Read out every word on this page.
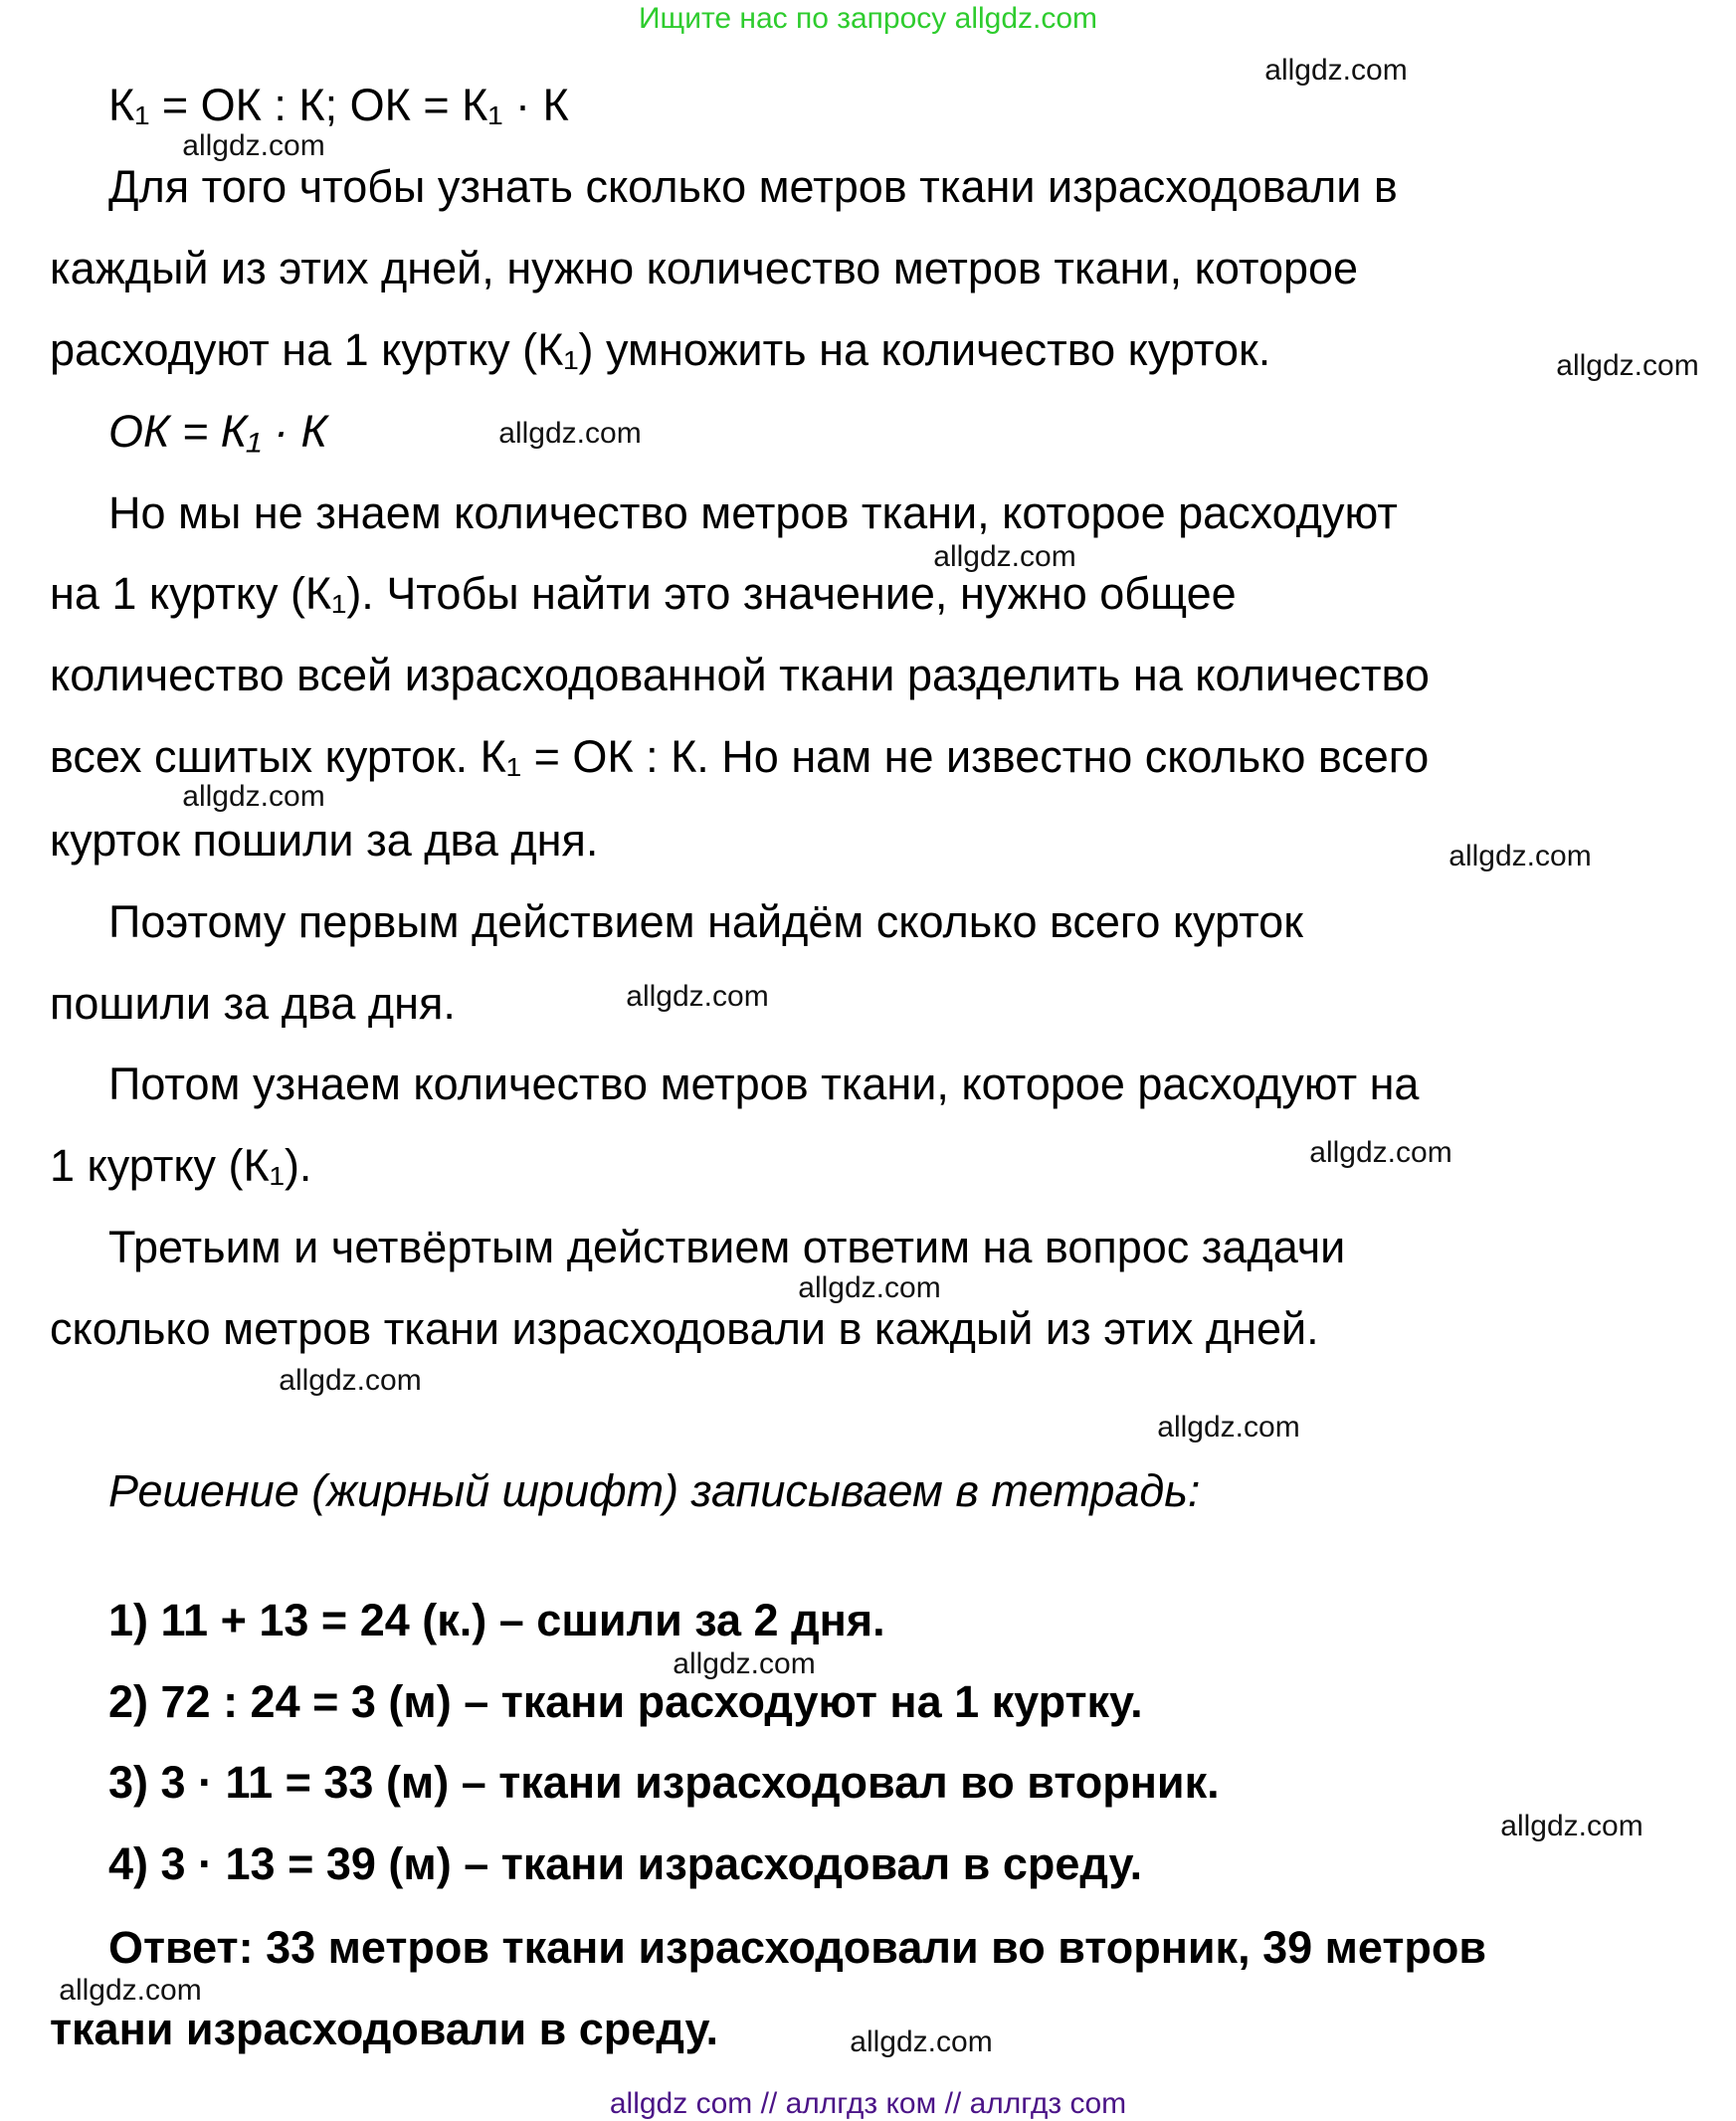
Ищите нас по запросу allgdz.com
К₁ = ОК : К; ОК = К₁ · К
Для того чтобы узнать сколько метров ткани израсходовали в
каждый из этих дней, нужно количество метров ткани, которое
расходуют на 1 куртку (К₁) умножить на количество курток.
ОК = К₁ · К
Но мы не знаем количество метров ткани, которое расходуют
на 1 куртку (К₁). Чтобы найти это значение, нужно общее
количество всей израсходованной ткани разделить на количество
всех сшитых курток. К₁ = ОК : К. Но нам не известно сколько всего
курток пошили за два дня.
Поэтому первым действием найдём сколько всего курток
пошили за два дня.
Потом узнаем количество метров ткани, которое расходуют на
1 куртку (К₁).
Третьим и четвёртым действием ответим на вопрос задачи
сколько метров ткани израсходовали в каждый из этих дней.
Решение (жирный шрифт) записываем в тетрадь:
1) 11 + 13 = 24 (к.) – сшили за 2 дня.
2) 72 : 24 = 3 (м) – ткани расходуют на 1 куртку.
3) 3 · 11 = 33 (м) – ткани израсходовал во вторник.
4) 3 · 13 = 39 (м) – ткани израсходовал в среду.
Ответ: 33 метров ткани израсходовали во вторник, 39 метров
ткани израсходовали в среду.
allgdz.com
allgdz.com
allgdz.com
allgdz.com
allgdz.com
allgdz.com
allgdz.com
allgdz.com
allgdz.com
allgdz.com
allgdz.com
allgdz.com
allgdz.com
allgdz.com
allgdz.com
allgdz.com
allgdz com // аллгдз ком // аллгдз com
